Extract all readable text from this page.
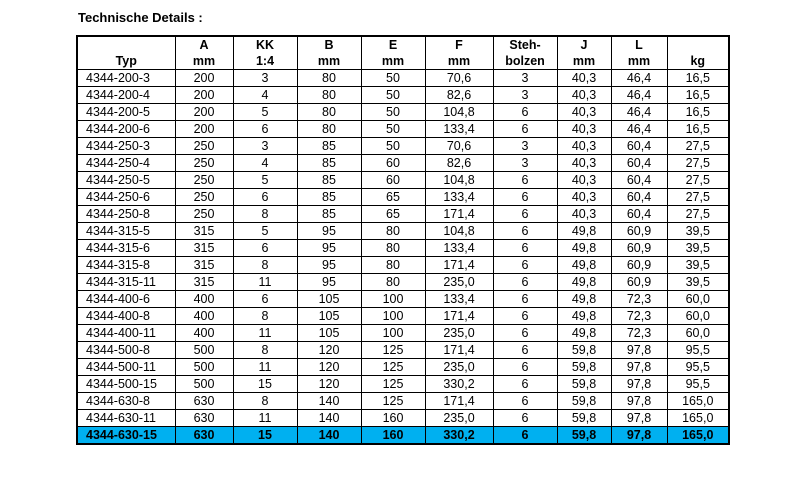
Technische Details :
	A	KK	B	E	F	Steh-	J	L	
Typ	mm	1:4	mm	mm	mm	bolzen	mm	mm	kg
4344-200-3	200	3	80	50	70,6	3	40,3	46,4	16,5
4344-200-4	200	4	80	50	82,6	3	40,3	46,4	16,5
4344-200-5	200	5	80	50	104,8	6	40,3	46,4	16,5
4344-200-6	200	6	80	50	133,4	6	40,3	46,4	16,5
4344-250-3	250	3	85	50	70,6	3	40,3	60,4	27,5
4344-250-4	250	4	85	60	82,6	3	40,3	60,4	27,5
4344-250-5	250	5	85	60	104,8	6	40,3	60,4	27,5
4344-250-6	250	6	85	65	133,4	6	40,3	60,4	27,5
4344-250-8	250	8	85	65	171,4	6	40,3	60,4	27,5
4344-315-5	315	5	95	80	104,8	6	49,8	60,9	39,5
4344-315-6	315	6	95	80	133,4	6	49,8	60,9	39,5
4344-315-8	315	8	95	80	171,4	6	49,8	60,9	39,5
4344-315-11	315	11	95	80	235,0	6	49,8	60,9	39,5
4344-400-6	400	6	105	100	133,4	6	49,8	72,3	60,0
4344-400-8	400	8	105	100	171,4	6	49,8	72,3	60,0
4344-400-11	400	11	105	100	235,0	6	49,8	72,3	60,0
4344-500-8	500	8	120	125	171,4	6	59,8	97,8	95,5
4344-500-11	500	11	120	125	235,0	6	59,8	97,8	95,5
4344-500-15	500	15	120	125	330,2	6	59,8	97,8	95,5
4344-630-8	630	8	140	125	171,4	6	59,8	97,8	165,0
4344-630-11	630	11	140	160	235,0	6	59,8	97,8	165,0
4344-630-15	630	15	140	160	330,2	6	59,8	97,8	165,0
